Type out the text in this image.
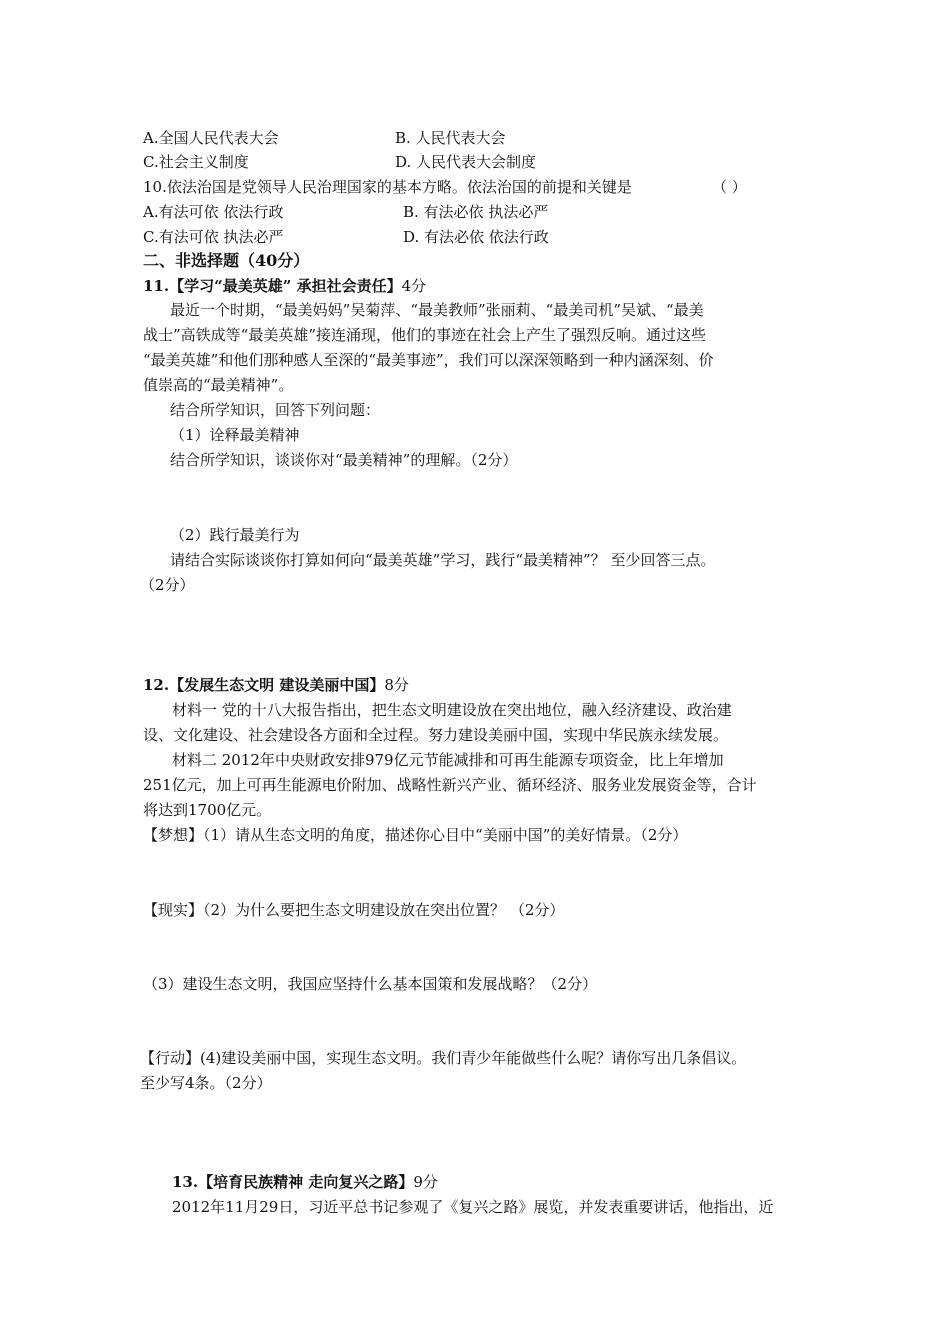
A.全国人民代表大会	B. 人民代表大会
C.社会主义制度	D. 人民代表大会制度
10.依法治国是党领导人民治理国家的基本方略。依法治国的前提和关键是	（ ）
A.有法可依 依法行政	B. 有法必依 执法必严
C.有法可依 执法必严	D. 有法必依 依法行政
二、非选择题（40分）
11.【学习“最美英雄” 承担社会责任】4分
最近一个时期，“最美妈妈”吴菊萍、“最美教师”张丽莉、“最美司机”吴斌、“最美
战士”高铁成等“最美英雄”接连涌现，他们的事迹在社会上产生了强烈反响。通过这些
“最美英雄”和他们那种感人至深的“最美事迹”，我们可以深深领略到一种内涵深刻、价
值崇高的“最美精神”。
结合所学知识，回答下列问题：
（1）诠释最美精神
结合所学知识，谈谈你对“最美精神”的理解。（2分）
（2）践行最美行为
请结合实际谈谈你打算如何向“最美英雄”学习，践行“最美精神”？ 至少回答三点。
（2分）
12.【发展生态文明 建设美丽中国】8分
材料一 党的十八大报告指出，把生态文明建设放在突出地位，融入经济建设、政治建
设、文化建设、社会建设各方面和全过程。努力建设美丽中国，实现中华民族永续发展。
材料二 2012年中央财政安排979亿元节能减排和可再生能源专项资金，比上年增加
251亿元，加上可再生能源电价附加、战略性新兴产业、循环经济、服务业发展资金等，合计
将达到1700亿元。
【梦想】（1）请从生态文明的角度，描述你心目中“美丽中国”的美好情景。（2分）
【现实】（2）为什么要把生态文明建设放在突出位置？ （2分）
（3）建设生态文明，我国应坚持什么基本国策和发展战略？（2分）
【行动】(4)建设美丽中国，实现生态文明。我们青少年能做些什么呢？请你写出几条倡议。
至少写4条。（2分）
13.【培育民族精神 走向复兴之路】9分
2012年11月29日，习近平总书记参观了《复兴之路》展览，并发表重要讲话，他指出，近
